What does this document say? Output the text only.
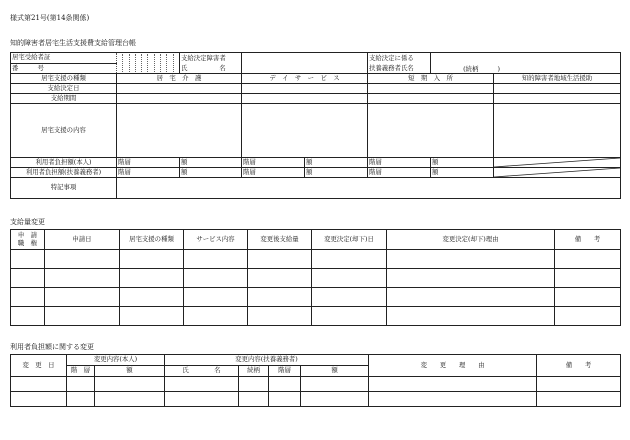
様式第21号(第14条関係)
知的障害者居宅生活支援費支給管理台帳
居宅受給者証		支給決定障害者			支給決定に係る	(続柄　　　)	
番　　　号		氏　　　　　名			扶養義務者氏名		
居宅支援の種類	居　宅　介　護		デ　イ　サ　ー　ビ　ス		短　期　入　所		知的障害者地域生活援助
支給決定日							
支給期間							
居宅支援の内容							
利用者負担額(本人)	階層	額	階層	額	階層	額	

利用者負担額(扶養義務者)	階層	額	階層	額	階層	額	

特記事項							
支給量変更
申　請
職　権	申請日	居宅支援の種類	サービス内容	変更後支給量	変更決定(却下)日	変更決定(却下)理由	備　　考

利用者負担額に関する変更
変　更　日	変更内容(本人)		変更内容(扶養義務者)				変　　更　　理　　由	備　　考
	階　層	額	氏　　　　名	続柄	階層	額		
